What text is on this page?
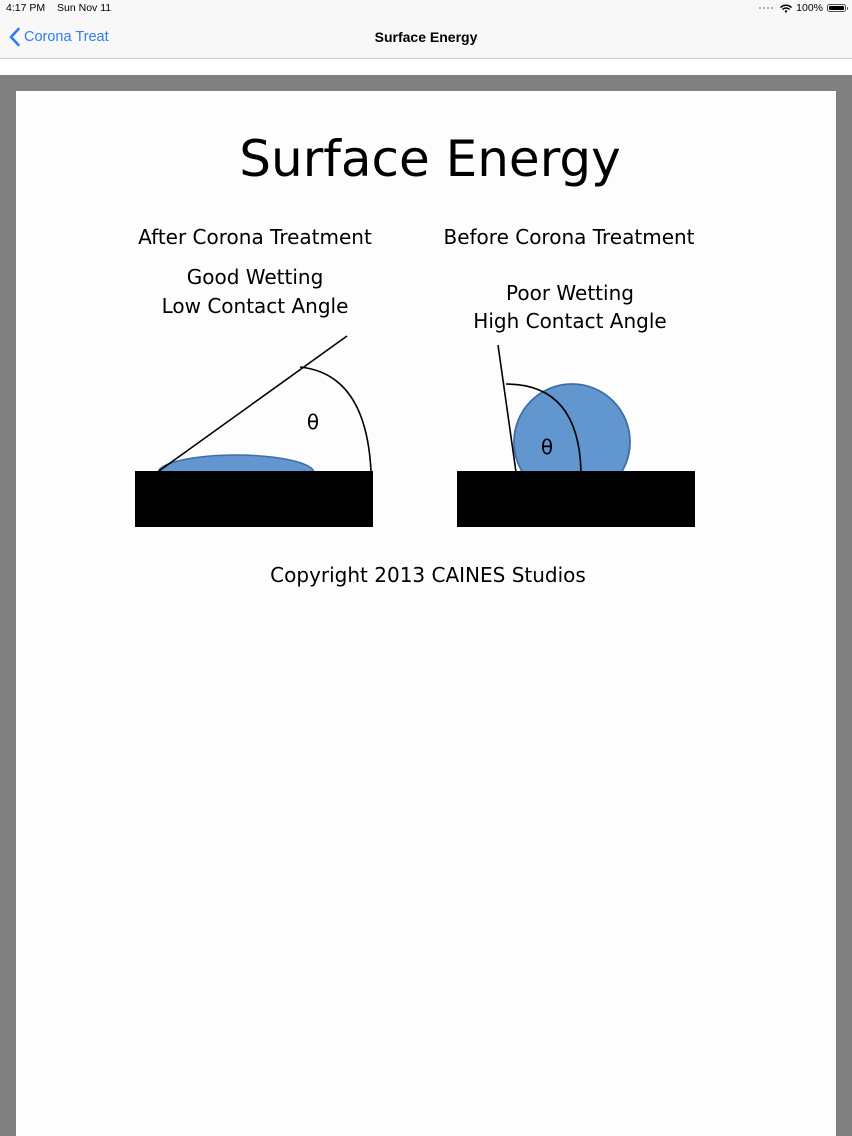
4:17 PM Sun Nov 11	100%
Corona Treat	Surface Energy
Surface Energy
After Corona Treatment
Good Wetting
Low Contact Angle
Before Corona Treatment
Poor Wetting
High Contact Angle
θ
θ
Copyright 2013 CAINES Studios
